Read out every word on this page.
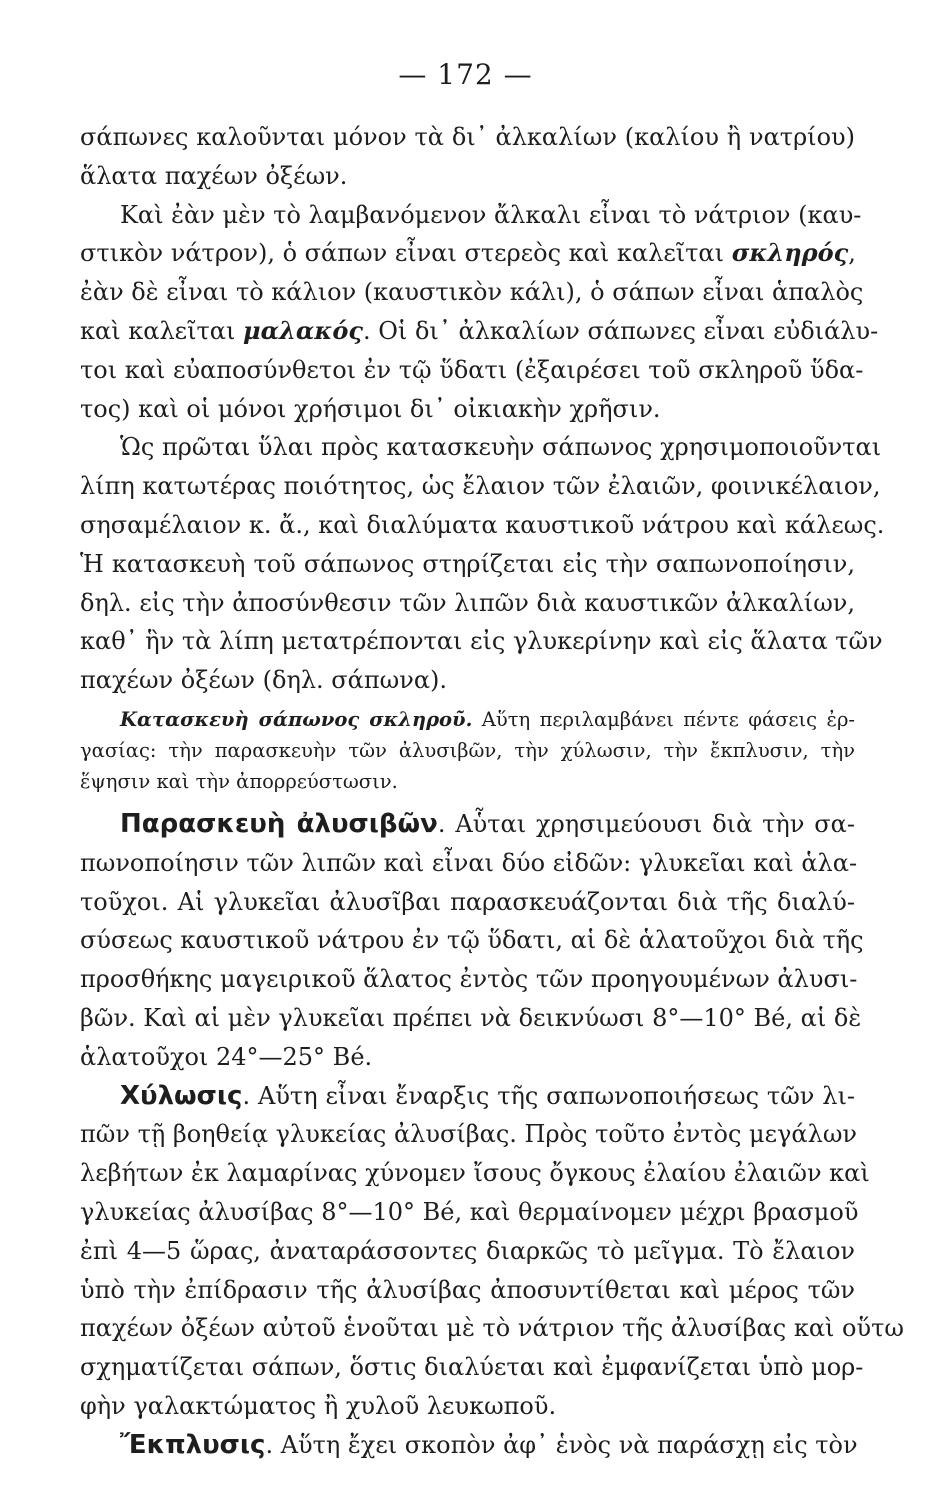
— 172 —
σάπωνες καλοῦνται μόνον τὰ δι᾽ ἀλκαλίων (καλίου ἢ νατρίου)
ἅλατα παχέων ὀξέων.
Καὶ ἐὰν μὲν τὸ λαμβανόμενον ἄλκαλι εἶναι τὸ νάτριον (καυ-
στικὸν νάτρον), ὁ σάπων εἶναι στερεὸς καὶ καλεῖται σκληρός,
ἐὰν δὲ εἶναι τὸ κάλιον (καυστικὸν κάλι), ὁ σάπων εἶναι ἁπαλὸς
καὶ καλεῖται μαλακός. Οἱ δι᾽ ἀλκαλίων σάπωνες εἶναι εὐδιάλυ-
τοι καὶ εὐαποσύνθετοι ἐν τῷ ὕδατι (ἐξαιρέσει τοῦ σκληροῦ ὕδα-
τος) καὶ οἱ μόνοι χρήσιμοι δι᾽ οἰκιακὴν χρῆσιν.
Ὡς πρῶται ὕλαι πρὸς κατασκευὴν σάπωνος χρησιμοποιοῦνται
λίπη κατωτέρας ποιότητος, ὡς ἔλαιον τῶν ἐλαιῶν, φοινικέλαιον,
σησαμέλαιον κ. ἄ., καὶ διαλύματα καυστικοῦ νάτρου καὶ κάλεως.
Ἡ κατασκευὴ τοῦ σάπωνος στηρίζεται εἰς τὴν σαπωνοποίησιν,
δηλ. εἰς τὴν ἀποσύνθεσιν τῶν λιπῶν διὰ καυστικῶν ἀλκαλίων,
καθ᾽ ἣν τὰ λίπη μετατρέπονται εἰς γλυκερίνην καὶ εἰς ἅλατα τῶν
παχέων ὀξέων (δηλ. σάπωνα).
Κατασκευὴ σάπωνος σκληροῦ. Αὕτη περιλαμβάνει πέντε φάσεις ἐρ-
γασίας: τὴν παρασκευὴν τῶν ἀλυσιβῶν, τὴν χύλωσιν, τὴν ἔκπλυσιν, τὴν
ἕψησιν καὶ τὴν ἀπορρεύστωσιν.
Παρασκευὴ ἀλυσιβῶν. Αὗται χρησιμεύουσι διὰ τὴν σα-
πωνοποίησιν τῶν λιπῶν καὶ εἶναι δύο εἰδῶν: γλυκεῖαι καὶ ἁλα-
τοῦχοι. Αἱ γλυκεῖαι ἀλυσῖβαι παρασκευάζονται διὰ τῆς διαλύ-
σύσεως καυστικοῦ νάτρου ἐν τῷ ὕδατι, αἱ δὲ ἁλατοῦχοι διὰ τῆς
προσθήκης μαγειρικοῦ ἅλατος ἐντὸς τῶν προηγουμένων ἀλυσι-
βῶν. Καὶ αἱ μὲν γλυκεῖαι πρέπει νὰ δεικνύωσι 8°—10° Bé, αἱ δὲ
ἁλατοῦχοι 24°—25° Bé.
Χύλωσις. Αὕτη εἶναι ἔναρξις τῆς σαπωνοποιήσεως τῶν λι-
πῶν τῇ βοηθείᾳ γλυκείας ἀλυσίβας. Πρὸς τοῦτο ἐντὸς μεγάλων
λεβήτων ἐκ λαμαρίνας χύνομεν ἴσους ὄγκους ἐλαίου ἐλαιῶν καὶ
γλυκείας ἀλυσίβας 8°—10° Bé, καὶ θερμαίνομεν μέχρι βρασμοῦ
ἐπὶ 4—5 ὥρας, ἀναταράσσοντες διαρκῶς τὸ μεῖγμα. Τὸ ἔλαιον
ὑπὸ τὴν ἐπίδρασιν τῆς ἀλυσίβας ἀποσυντίθεται καὶ μέρος τῶν
παχέων ὀξέων αὐτοῦ ἑνοῦται μὲ τὸ νάτριον τῆς ἀλυσίβας καὶ οὕτω
σχηματίζεται σάπων, ὅστις διαλύεται καὶ ἐμφανίζεται ὑπὸ μορ-
φὴν γαλακτώματος ἢ χυλοῦ λευκωποῦ.
Ἔκπλυσις. Αὕτη ἔχει σκοπὸν ἀφ᾽ ἑνὸς νὰ παράσχῃ εἰς τὸν
